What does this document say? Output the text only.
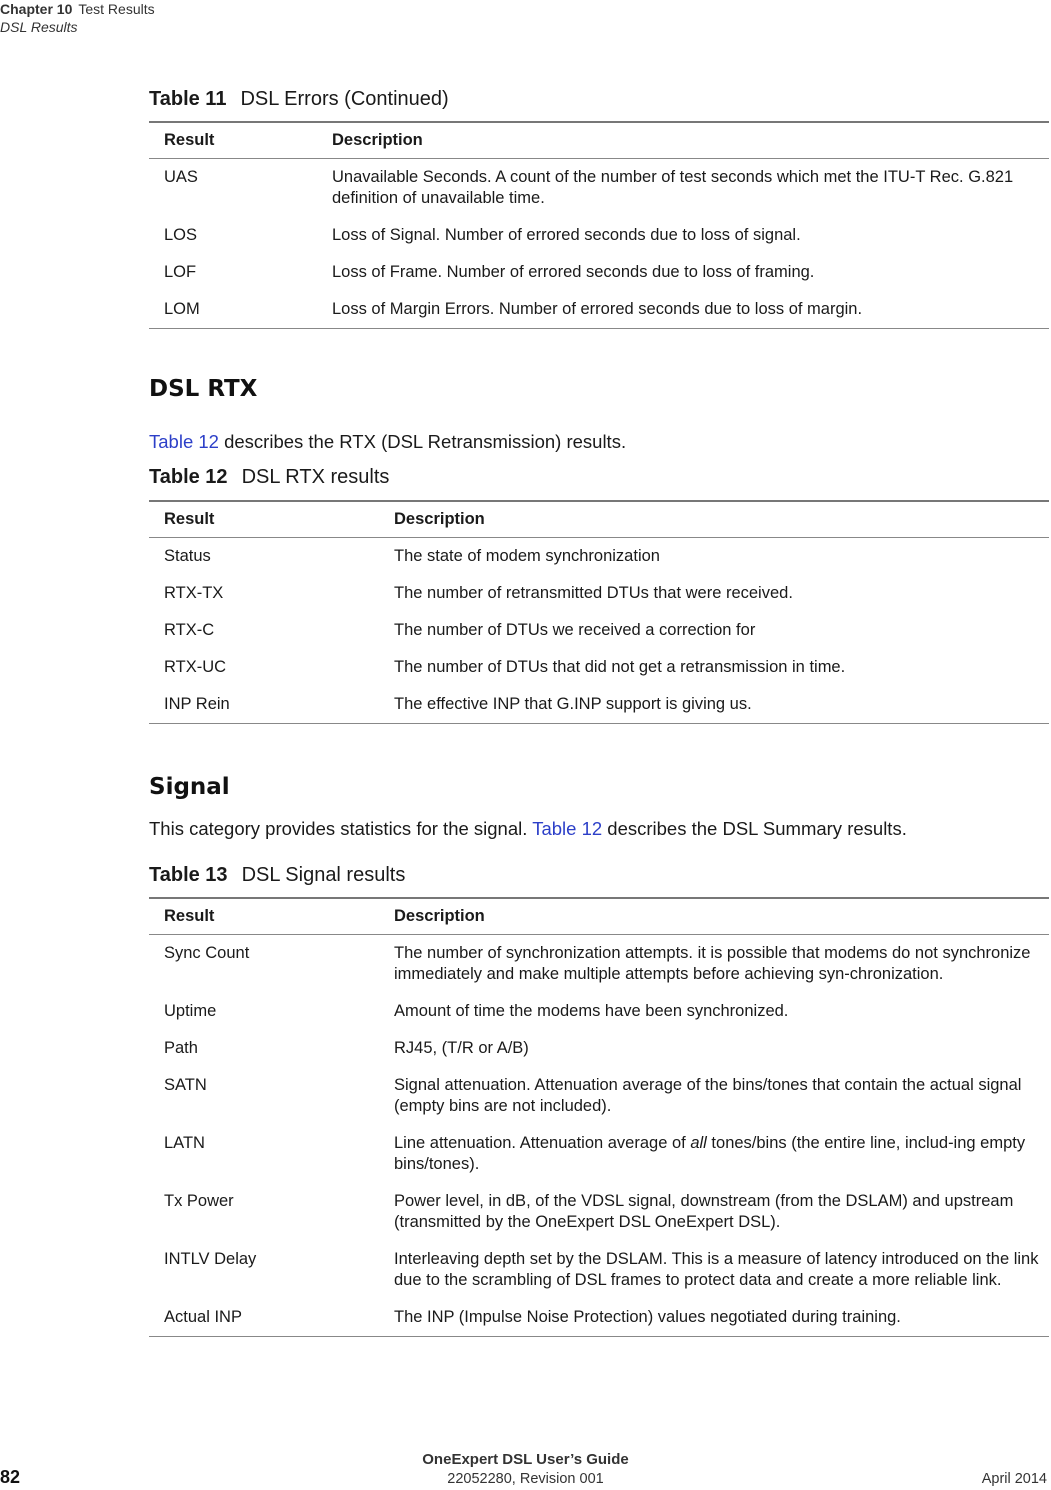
Chapter 10 Test Results
DSL Results
Table 11 DSL Errors (Continued)
Result	Description
UAS	Unavailable Seconds. A count of the number of test seconds which met the ITU-T Rec. G.821 definition of unavailable time.
LOS	Loss of Signal. Number of errored seconds due to loss of signal.
LOF	Loss of Frame. Number of errored seconds due to loss of framing.
LOM	Loss of Margin Errors. Number of errored seconds due to loss of margin.
DSL RTX
Table 12 describes the RTX (DSL Retransmission) results.
Table 12 DSL RTX results
Result	Description
Status	The state of modem synchronization
RTX-TX	The number of retransmitted DTUs that were received.
RTX-C	The number of DTUs we received a correction for
RTX-UC	The number of DTUs that did not get a retransmission in time.
INP Rein	The effective INP that G.INP support is giving us.
Signal
This category provides statistics for the signal. Table 12 describes the DSL Summary results.
Table 13 DSL Signal results
Result	Description
Sync Count	The number of synchronization attempts. it is possible that modems do not synchronize immediately and make multiple attempts before achieving syn-chronization.
Uptime	Amount of time the modems have been synchronized.
Path	RJ45, (T/R or A/B)
SATN	Signal attenuation. Attenuation average of the bins/tones that contain the actual signal (empty bins are not included).
LATN	Line attenuation. Attenuation average of all tones/bins (the entire line, includ-ing empty bins/tones).
Tx Power	Power level, in dB, of the VDSL signal, downstream (from the DSLAM) and upstream (transmitted by the OneExpert DSL OneExpert DSL).
INTLV Delay	Interleaving depth set by the DSLAM. This is a measure of latency introduced on the link due to the scrambling of DSL frames to protect data and create a more reliable link.
Actual INP	The INP (Impulse Noise Protection) values negotiated during training.
OneExpert DSL User’s Guide
22052280, Revision 001
82	April 2014
